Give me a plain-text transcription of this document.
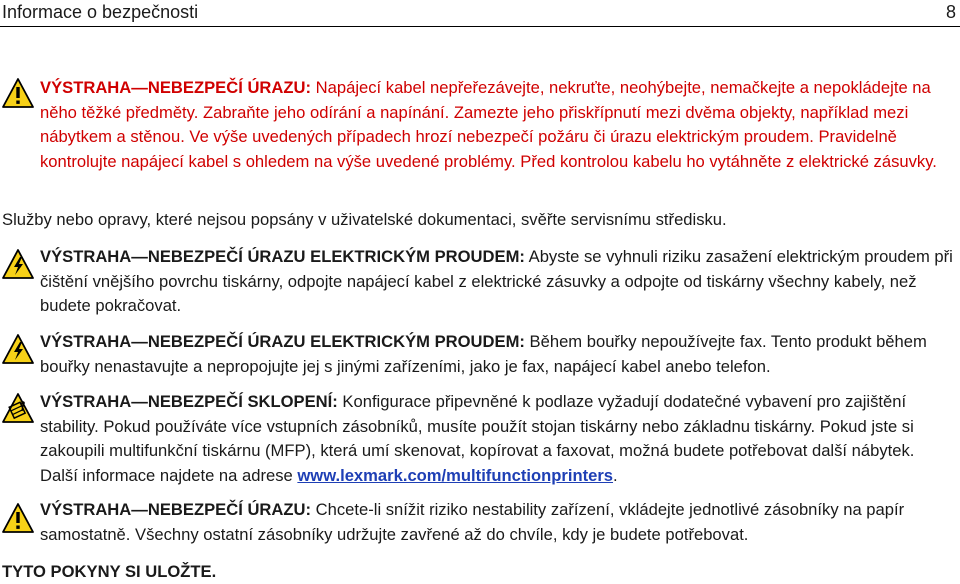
Informace o bezpečnosti	8
VÝSTRAHA—NEBEZPEČÍ ÚRAZU: Napájecí kabel nepřeřezávejte, nekruťte, neohýbejte, nemačkejte a nepokládejte na něho těžké předměty. Zabraňte jeho odírání a napínání. Zamezte jeho přiskřípnutí mezi dvěma objekty, například mezi nábytkem a stěnou. Ve výše uvedených případech hrozí nebezpečí požáru či úrazu elektrickým proudem. Pravidelně kontrolujte napájecí kabel s ohledem na výše uvedené problémy. Před kontrolou kabelu ho vytáhněte z elektrické zásuvky.
Služby nebo opravy, které nejsou popsány v uživatelské dokumentaci, svěřte servisnímu středisku.
VÝSTRAHA—NEBEZPEČÍ ÚRAZU ELEKTRICKÝM PROUDEM: Abyste se vyhnuli riziku zasažení elektrickým proudem při čištění vnějšího povrchu tiskárny, odpojte napájecí kabel z elektrické zásuvky a odpojte od tiskárny všechny kabely, než budete pokračovat.
VÝSTRAHA—NEBEZPEČÍ ÚRAZU ELEKTRICKÝM PROUDEM: Během bouřky nepoužívejte fax. Tento produkt během bouřky nenastavujte a nepropojujte jej s jinými zařízeními, jako je fax, napájecí kabel anebo telefon.
VÝSTRAHA—NEBEZPEČÍ SKLOPENÍ: Konfigurace připevněné k podlaze vyžadují dodatečné vybavení pro zajištění stability. Pokud používáte více vstupních zásobníků, musíte použít stojan tiskárny nebo základnu tiskárny. Pokud jste si zakoupili multifunkční tiskárnu (MFP), která umí skenovat, kopírovat a faxovat, možná budete potřebovat další nábytek. Další informace najdete na adrese www.lexmark.com/multifunctionprinters.
VÝSTRAHA—NEBEZPEČÍ ÚRAZU: Chcete-li snížit riziko nestability zařízení, vkládejte jednotlivé zásobníky na papír samostatně. Všechny ostatní zásobníky udržujte zavřené až do chvíle, kdy je budete potřebovat.
TYTO POKYNY SI ULOŽTE.
